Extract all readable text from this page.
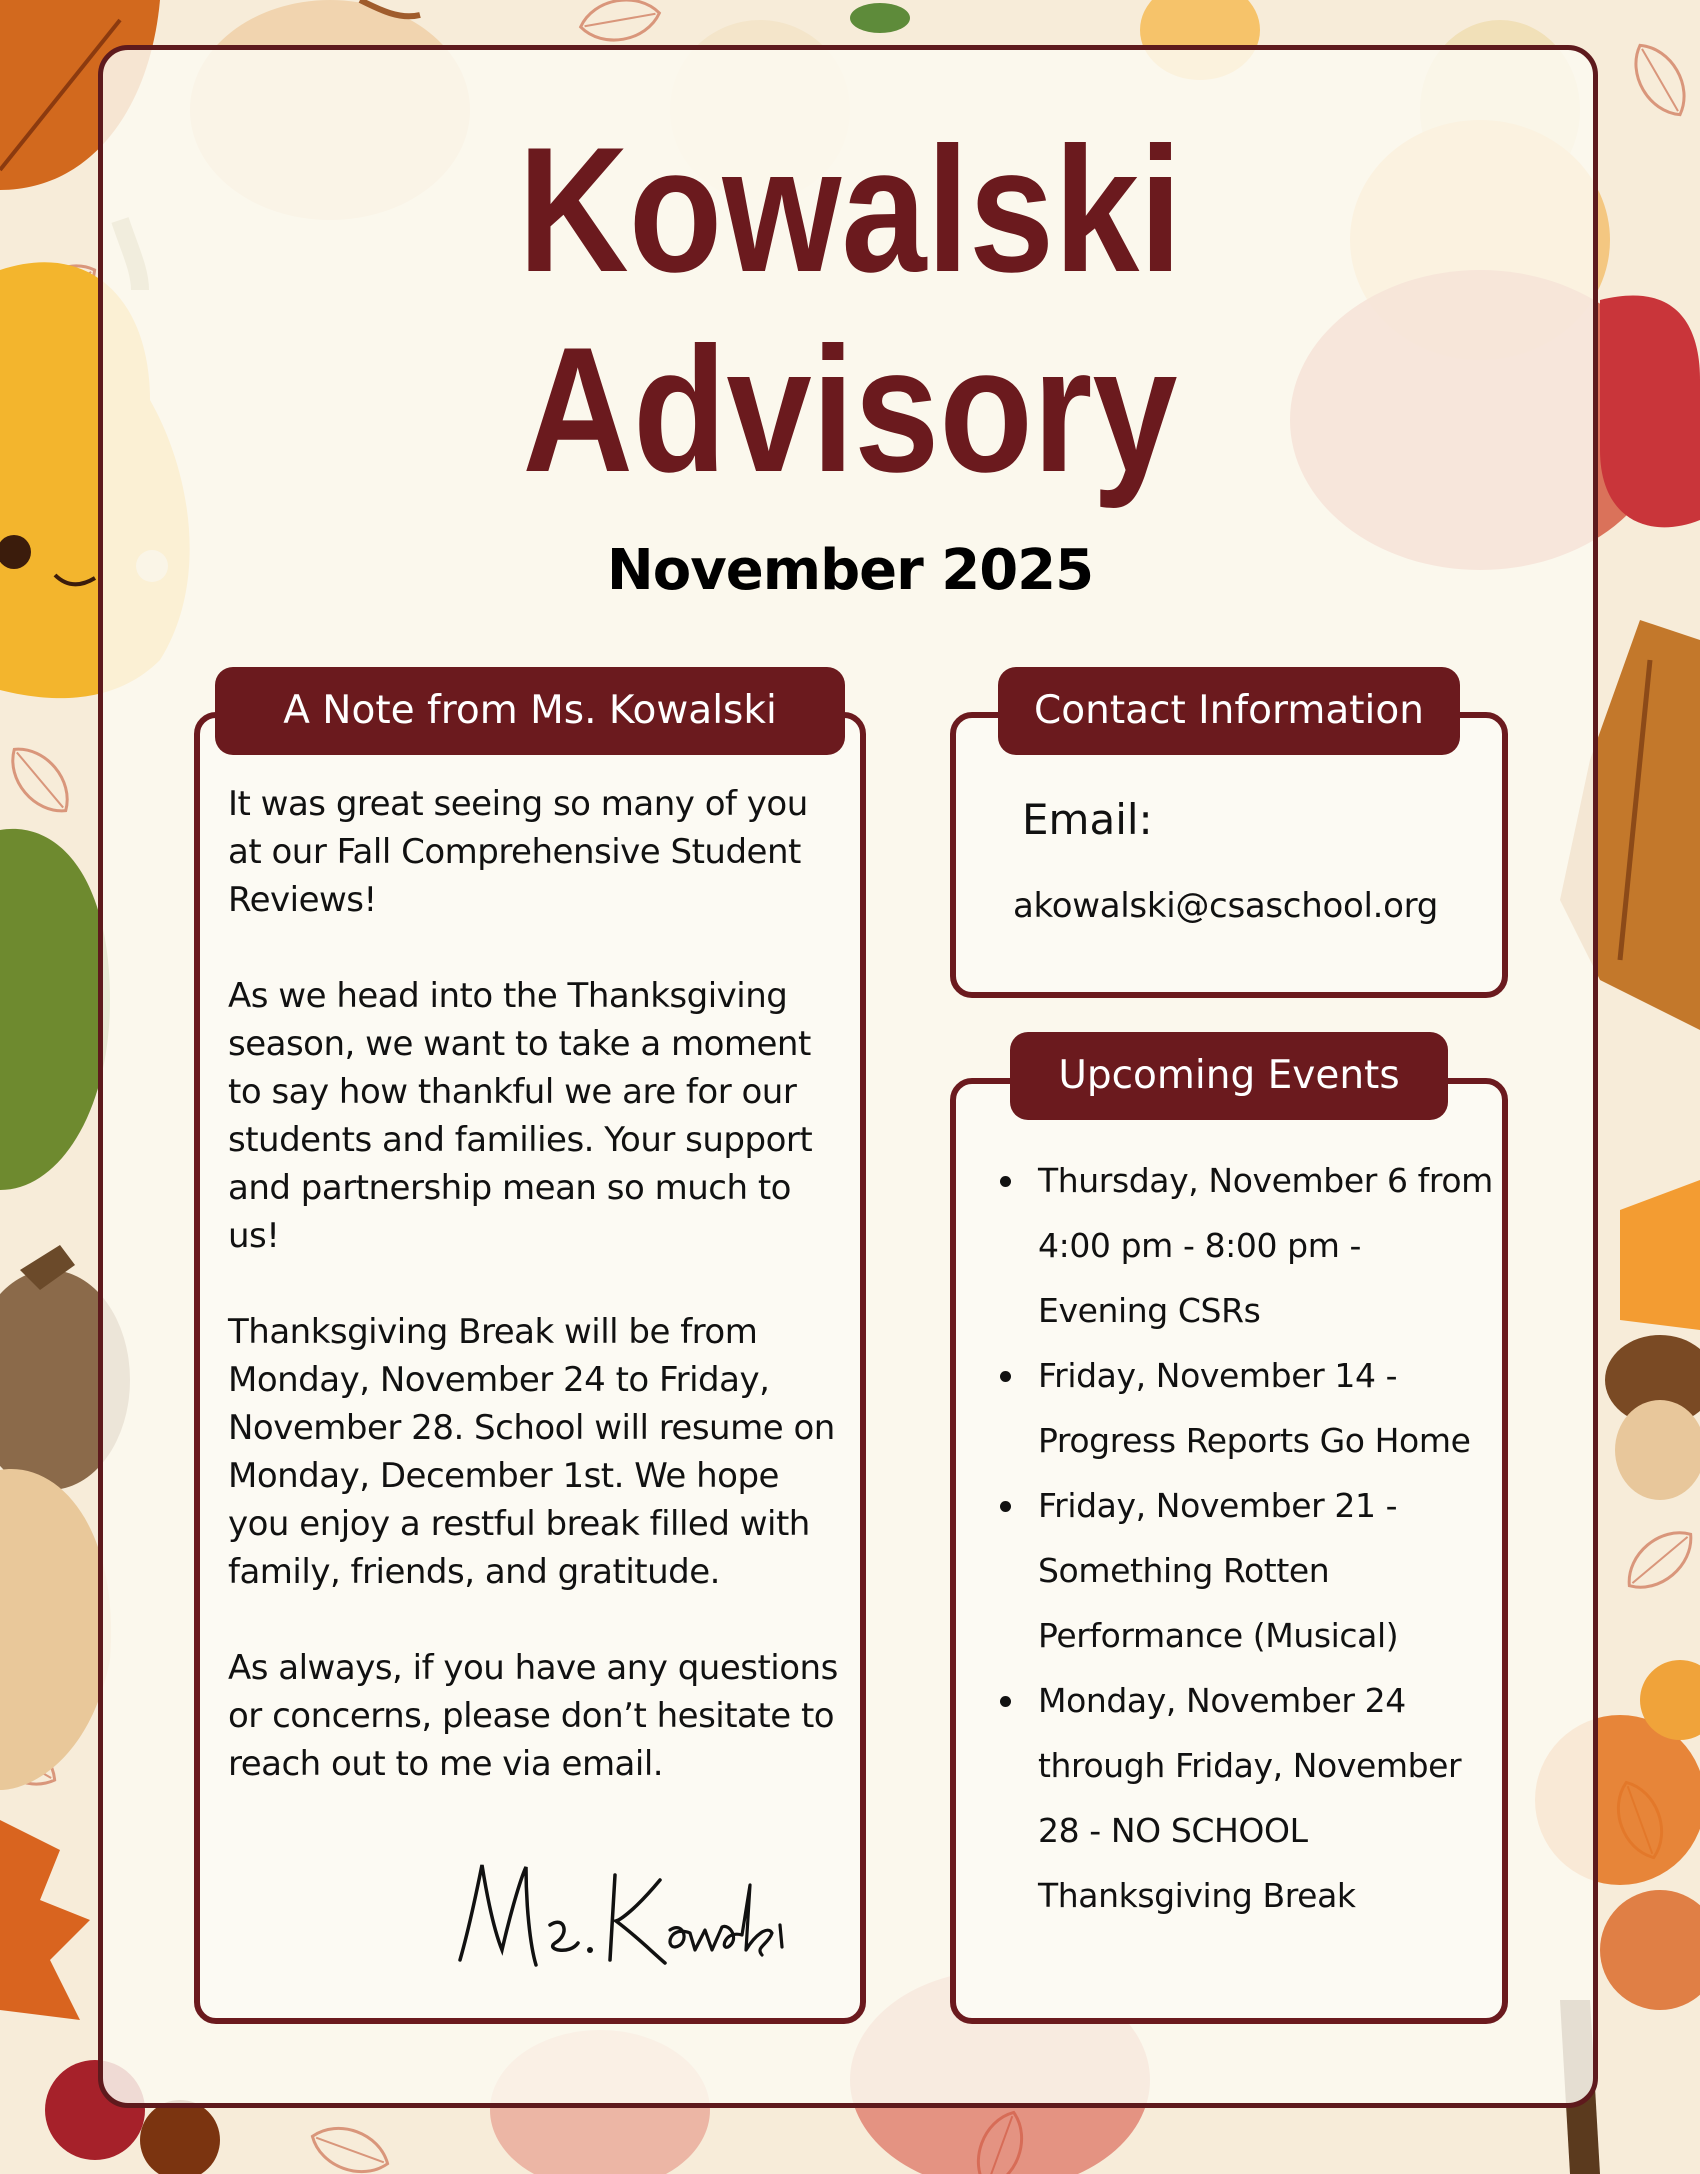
Kowalski
Advisory
November 2025
A Note from Ms. Kowalski

It was great seeing so many of you at our Fall Comprehensive Student Reviews!

As we head into the Thanksgiving season, we want to take a moment to say how thankful we are for our students and families. Your support and partnership mean so much to us!

Thanksgiving Break will be from Monday, November 24 to Friday, November 28. School will resume on Monday, December 1st. We hope you enjoy a restful break filled with family, friends, and gratitude.

As always, if you have any questions or concerns, please don’t hesitate to reach out to me via email.

Contact Information

Email:

akowalski@csaschool.org

Upcoming Events
Thursday, November 6 from 4:00 pm - 8:00 pm - Evening CSRs
Friday, November 14 - Progress Reports Go Home
Friday, November 21 - Something Rotten Performance (Musical)
Monday, November 24 through Friday, November 28 - NO SCHOOL Thanksgiving Break
